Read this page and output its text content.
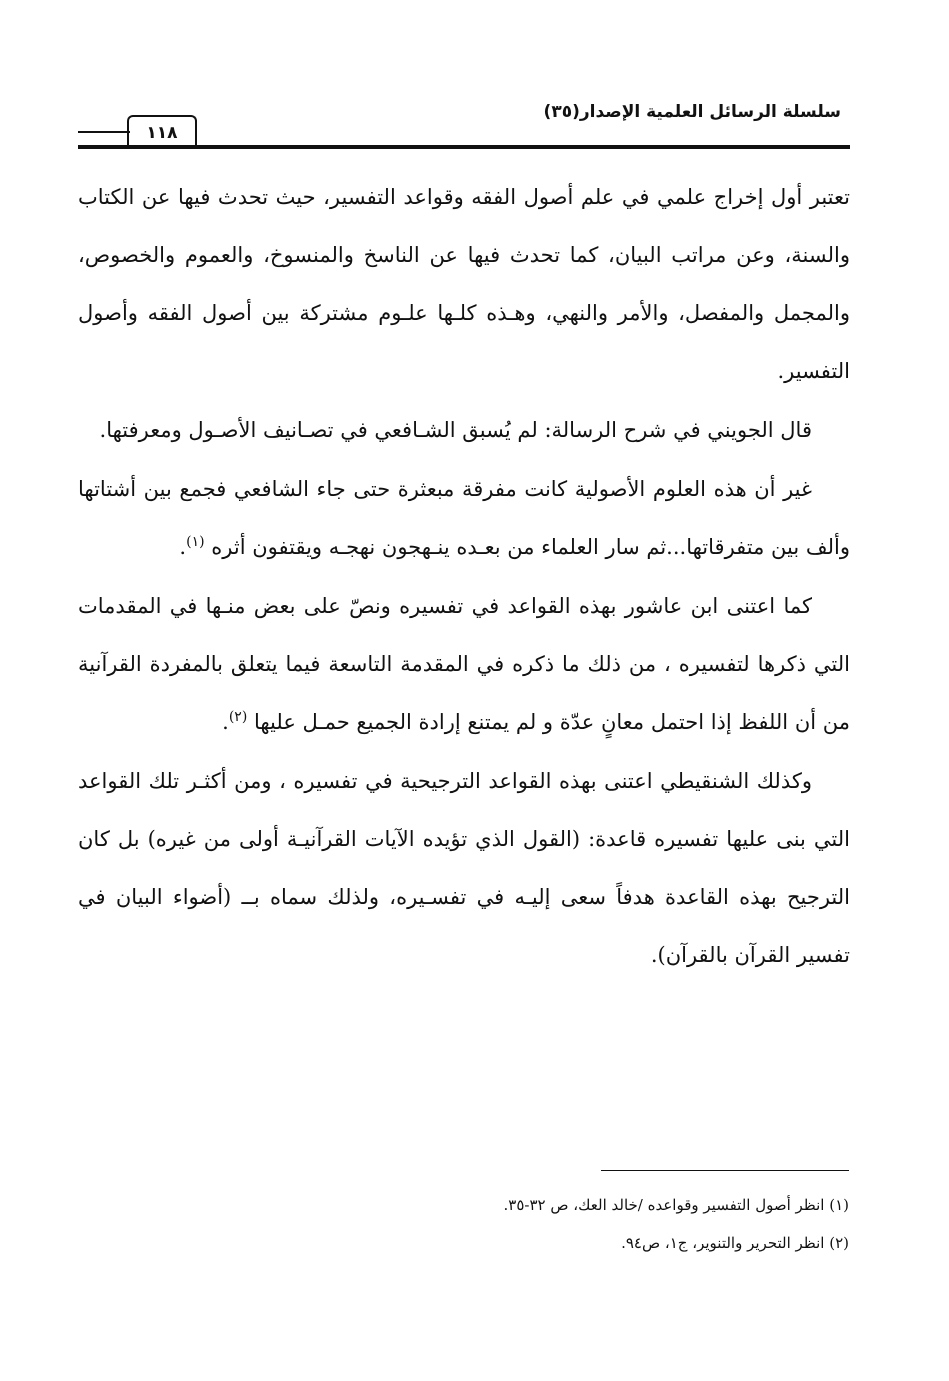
سلسلة الرسائل العلمية الإصدار(٣٥)
١١٨

تعتبر أول إخراج علمي في علم أصول الفقه وقواعد التفسير، حيث تحدث فيها عن الكتاب والسنة، وعن مراتب البيان، كما تحدث فيها عن الناسخ والمنسوخ، والعموم والخصوص، والمجمل والمفصل، والأمر والنهي، وهـذه كلـها علـوم مشتركة بين أصول الفقه وأصول التفسير.

قال الجويني في شرح الرسالة: لم يُسبق الشـافعي في تصـانيف الأصـول ومعرفتها.

غير أن هذه العلوم الأصولية كانت مفرقة مبعثرة حتى جاء الشافعي فجمع بين أشتاتها وألف بين متفرقاتها...ثم سار العلماء من بعـده ينـهجون نهجـه ويقتفون أثره $^{(١)}$.

كما اعتنى ابن عاشور بهذه القواعد في تفسيره ونصّ على بعض منـها في المقدمات التي ذكرها لتفسيره ، من ذلك ما ذكره في المقدمة التاسعة فيما يتعلق بالمفردة القرآنية من أن اللفظ إذا احتمل معانٍ عدّة و لم يمتنع إرادة الجميع حمـل عليها $^{(٢)}$.

وكذلك الشنقيطي اعتنى بهذه القواعد الترجيحية في تفسيره ، ومن أكثـر تلك القواعد التي بنى عليها تفسيره قاعدة: (القول الذي تؤيده الآيات القرآنيـة أولى من غيره) بل كان الترجيح بهذه القاعدة هدفاً سعى إليـه في تفسـيره، ولذلك سماه بــ (أضواء البيان في تفسير القرآن بالقرآن).

(١) انظر أصول التفسير وقواعده /خالد العك، ص ٣٢-٣٥.
(٢) انظر التحرير والتنوير، ج١، ص٩٤.
